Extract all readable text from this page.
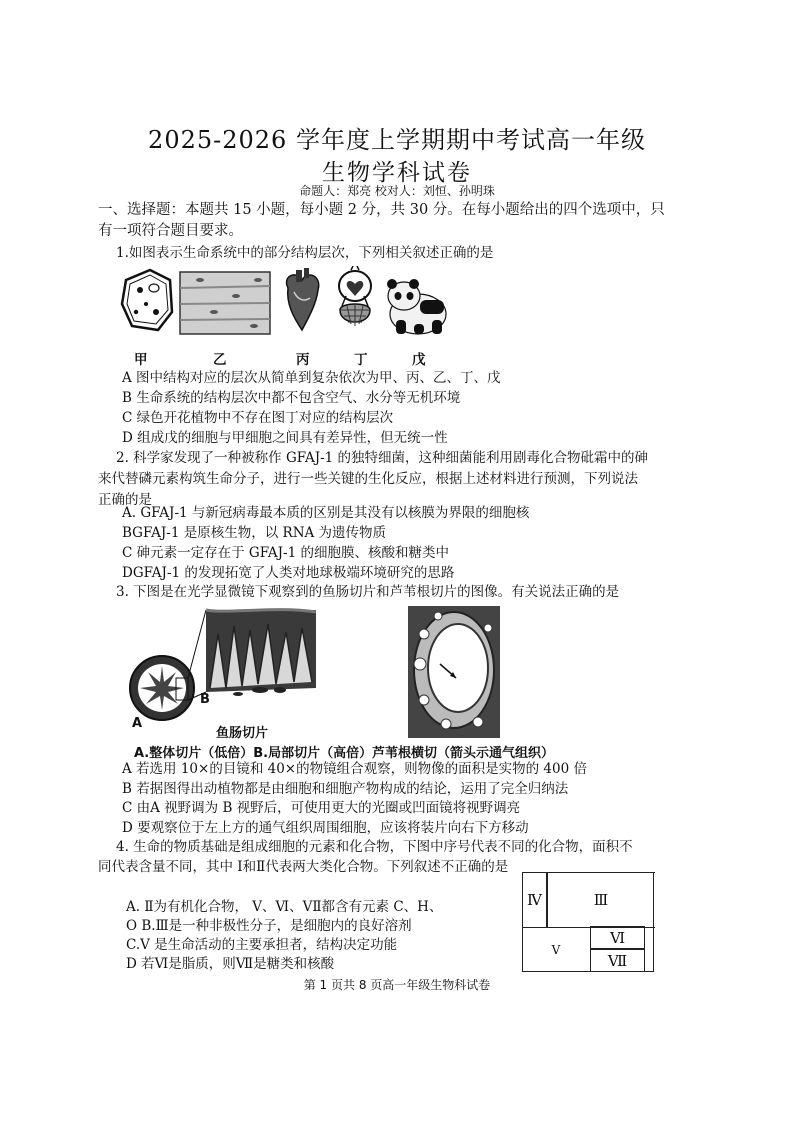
2025-2026 学年度上学期期中考试高一年级
生物学科试卷
命题人：郑亮 校对人：刘恒、孙明珠
一、选择题：本题共 15 小题，每小题 2 分，共 30 分。在每小题给出的四个选项中，只
有一项符合题目要求。
1.如图表示生命系统中的部分结构层次，下列相关叙述正确的是
甲	乙	丙	丁	戊
A 图中结构对应的层次从简单到复杂依次为甲、丙、乙、丁、戊
B 生命系统的结构层次中都不包含空气、水分等无机环境
C 绿色开花植物中不存在图丁对应的结构层次
D 组成戊的细胞与甲细胞之间具有差异性，但无统一性
2. 科学家发现了一种被称作 GFAJ-1 的独特细菌，这种细菌能利用剧毒化合物砒霜中的砷
来代替磷元素构筑生命分子，进行一些关键的生化反应，根据上述材料进行预测，下列说法
正确的是
A. GFAJ-1 与新冠病毒最本质的区别是其没有以核膜为界限的细胞核
BGFAJ-1 是原核生物，以 RNA 为遗传物质
C 砷元素一定存在于 GFAJ-1 的细胞膜、核酸和糖类中
DGFAJ-1 的发现拓宽了人类对地球极端环境研究的思路
3. 下图是在光学显微镜下观察到的鱼肠切片和芦苇根切片的图像。有关说法正确的是
A
B
鱼肠切片
A.整体切片（低倍）B.局部切片（高倍） 芦苇根横切（箭头示通气组织）
A 若选用 10×的目镜和 40×的物镜组合观察，则物像的面积是实物的 400 倍
B 若据图得出动植物都是由细胞和细胞产物构成的结论，运用了完全归纳法
C 由A 视野调为 B 视野后，可使用更大的光圈或凹面镜将视野调亮
D 要观察位于左上方的通气组织周围细胞，应该将装片向右下方移动
4. 生命的物质基础是组成细胞的元素和化合物，下图中序号代表不同的化合物，面积不
同代表含量不同，其中 Ⅰ和Ⅱ代表两大类化合物。下列叙述不正确的是
A. Ⅱ为有机化合物， Ⅴ、Ⅵ、ⅤⅡ都含有元素 C、H、
O B.Ⅲ是一种非极性分子，是细胞内的良好溶剂
C.Ⅴ 是生命活动的主要承担者，结构决定功能
D 若Ⅵ是脂质，则Ⅶ是糖类和核酸
Ⅳ	Ⅲ
Ⅴ
Ⅵ
Ⅶ
第 1 页共 8 页高一年级生物科试卷
